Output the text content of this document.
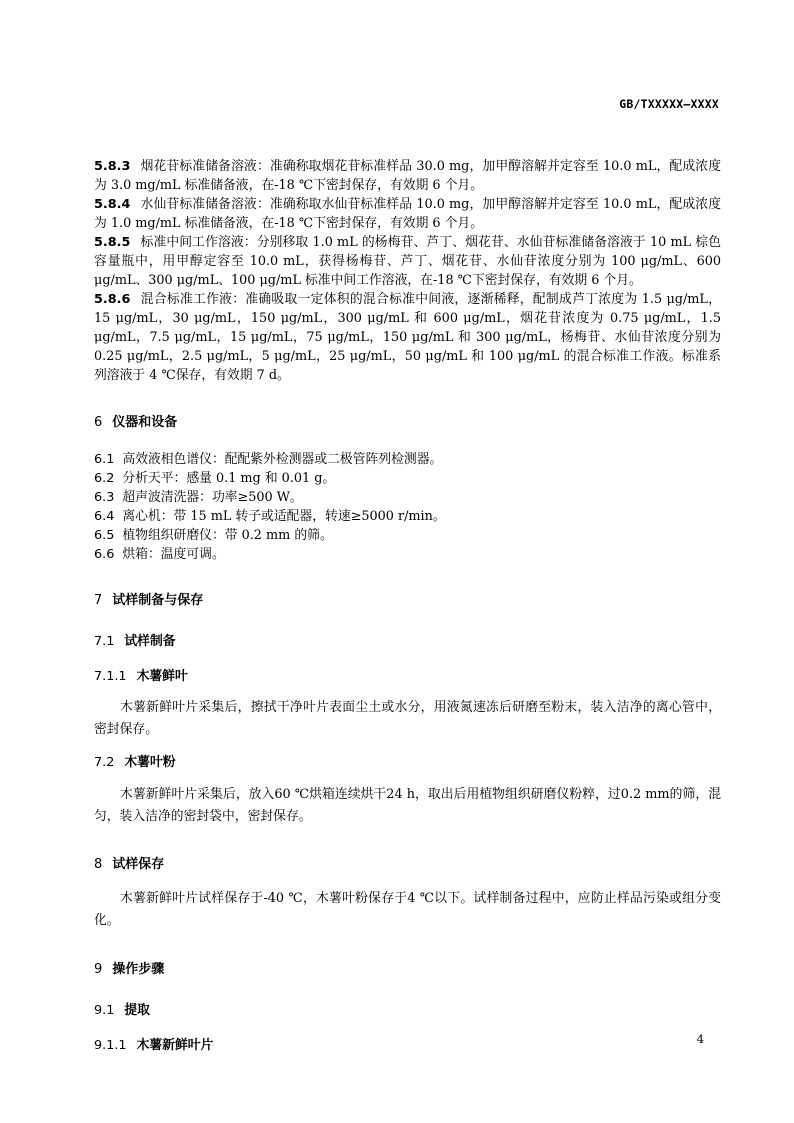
GB/TXXXXX—XXXX

5.8.3 烟花苷标准储备溶液：准确称取烟花苷标准样品 30.0 mg，加甲醇溶解并定容至 10.0 mL，配成浓度为 3.0 mg/mL 标准储备液，在-18 ℃下密封保存，有效期 6 个月。

5.8.4 水仙苷标准储备溶液：准确称取水仙苷标准样品 10.0 mg，加甲醇溶解并定容至 10.0 mL，配成浓度为 1.0 mg/mL 标准储备液，在-18 ℃下密封保存，有效期 6 个月。

5.8.5 标准中间工作溶液：分别移取 1.0 mL 的杨梅苷、芦丁、烟花苷、水仙苷标准储备溶液于 10 mL 棕色容量瓶中，用甲醇定容至 10.0 mL，获得杨梅苷、芦丁、烟花苷、水仙苷浓度分别为 100 μg/mL、600 μg/mL、300 μg/mL、100 μg/mL 标准中间工作溶液，在-18 ℃下密封保存，有效期 6 个月。

5.8.6 混合标准工作液：准确吸取一定体积的混合标准中间液，逐渐稀释，配制成芦丁浓度为 1.5 μg/mL，15 μg/mL，30 μg/mL，150 μg/mL，300 μg/mL 和 600 μg/mL，烟花苷浓度为 0.75 μg/mL，1.5 μg/mL，7.5 μg/mL，15 μg/mL，75 μg/mL，150 μg/mL 和 300 μg/mL，杨梅苷、水仙苷浓度分别为 0.25 μg/mL，2.5 μg/mL，5 μg/mL，25 μg/mL，50 μg/mL 和 100 μg/mL 的混合标准工作液。标准系列溶液于 4 ℃保存，有效期 7 d。

6 仪器和设备

6.1 高效液相色谱仪：配配紫外检测器或二极管阵列检测器。

6.2 分析天平：感量 0.1 mg 和 0.01 g。

6.3 超声波清洗器：功率≥500 W。

6.4 离心机：带 15 mL 转子或适配器，转速≥5000 r/min。

6.5 植物组织研磨仪：带 0.2 mm 的筛。

6.6 烘箱：温度可调。

7 试样制备与保存

7.1 试样制备

7.1.1 木薯鲜叶

木薯新鲜叶片采集后，擦拭干净叶片表面尘土或水分，用液氮速冻后研磨至粉末，装入洁净的离心管中，密封保存。

7.2 木薯叶粉

木薯新鲜叶片采集后，放入60 ℃烘箱连续烘干24 h，取出后用植物组织研磨仪粉粹，过0.2 mm的筛，混匀，装入洁净的密封袋中，密封保存。

8 试样保存

木薯新鲜叶片试样保存于-40 ℃，木薯叶粉保存于4 ℃以下。试样制备过程中，应防止样品污染或组分变化。

9 操作步骤

9.1 提取

9.1.1 木薯新鲜叶片	4
